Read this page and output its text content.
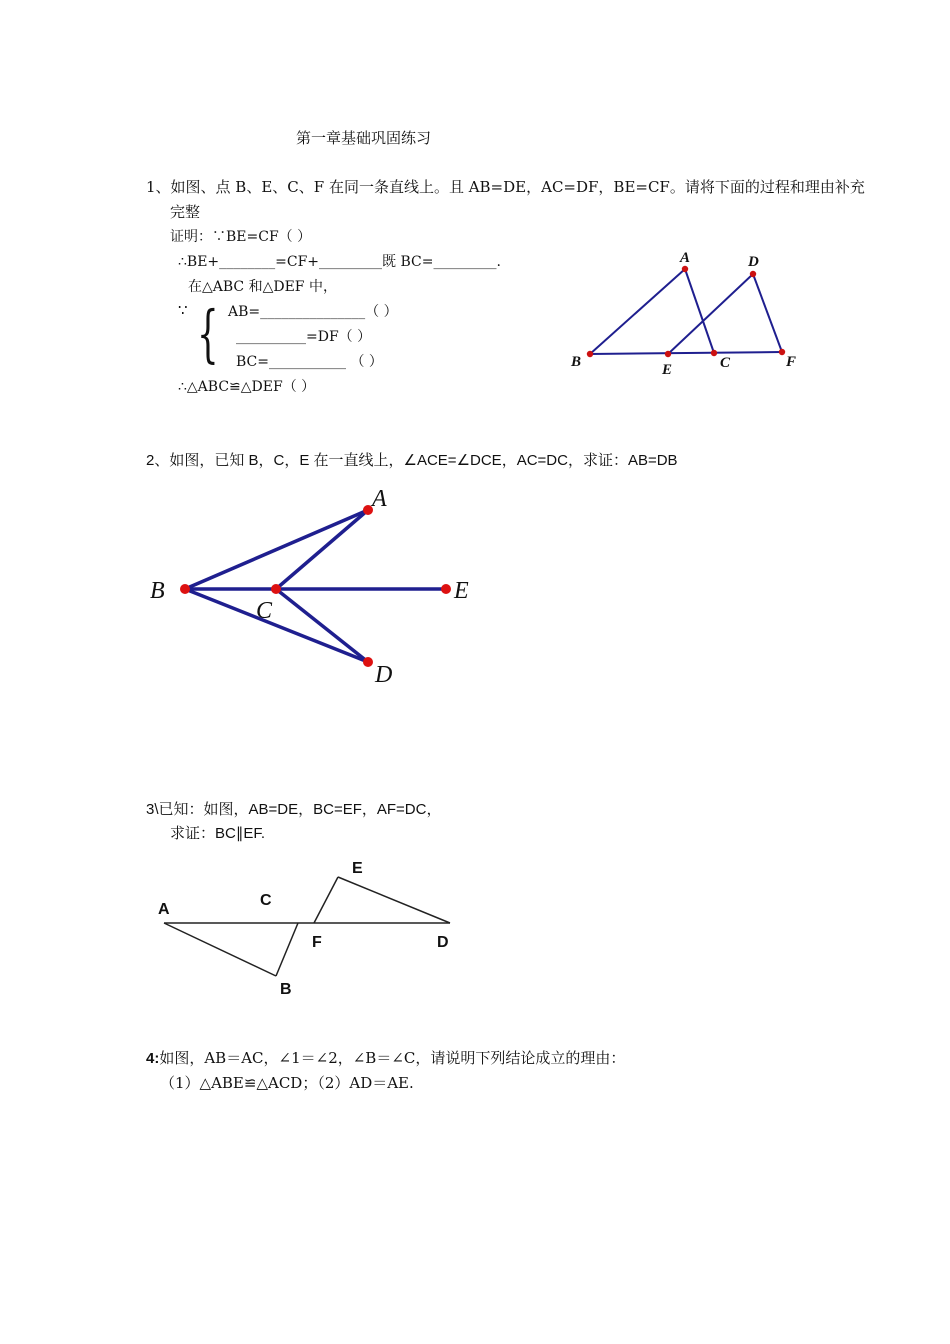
第一章基础巩固练习
1、如图、点 B、E、C、F 在同一条直线上。且 AB=DE，AC=DF，BE=CF。请将下面的过程和理由补充
完整
证明：∵BE=CF（ ）
∴BE+________=CF+_________既 BC=_________.
在△ABC 和△DEF 中，
∵ { AB=_______________（ ）
__________=DF（ ）
BC=___________ （ ）
∴△ABC≌△DEF（ ）
A	D
B	E	C	F
2、如图，已知 B，C，E 在一直线上，∠ACE=∠DCE，AC=DC，求证：AB=DB
A
B
C
E
D
3\已知：如图，AB=DE，BC=EF，AF=DC，
求证：BC∥EF.
A
C
E
F	D
B
4:如图，AB＝AC，∠1＝∠2，∠B＝∠C，请说明下列结论成立的理由：
（1）△ABE≌△ACD；（2）AD＝AE.
